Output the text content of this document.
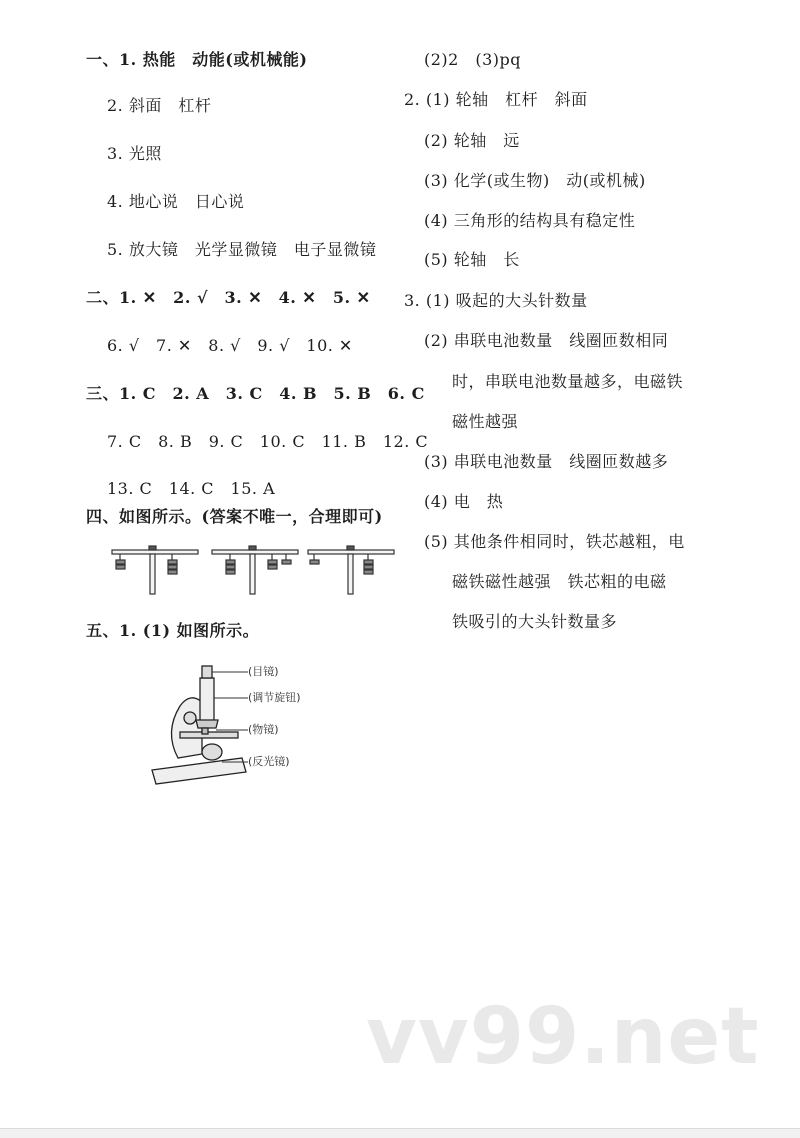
一、1. 热能　动能(或机械能)
2. 斜面　杠杆
3. 光照
4. 地心说　日心说
5. 放大镜　光学显微镜　电子显微镜
二、1. ✕　2. √　3. ✕　4. ✕　5. ✕
6. √　7. ✕　8. √　9. √　10. ✕
三、1. C　2. A　3. C　4. B　5. B　6. C
7. C　8. B　9. C　10. C　11. B　12. C
13. C　14. C　15. A
四、如图所示。(答案不唯一，合理即可)
五、1. (1) 如图所示。
(目镜)
(调节旋钮)
(物镜)
(反光镜)
(2)2　(3)pq
2. (1) 轮轴　杠杆　斜面
(2) 轮轴　远
(3) 化学(或生物)　动(或机械)
(4) 三角形的结构具有稳定性
(5) 轮轴　长
3. (1) 吸起的大头针数量
(2) 串联电池数量　线圈匝数相同
时，串联电池数量越多，电磁铁
磁性越强
(3) 串联电池数量　线圈匝数越多
(4) 电　热
(5) 其他条件相同时，铁芯越粗，电
磁铁磁性越强　铁芯粗的电磁
铁吸引的大头针数量多
vv99.net
